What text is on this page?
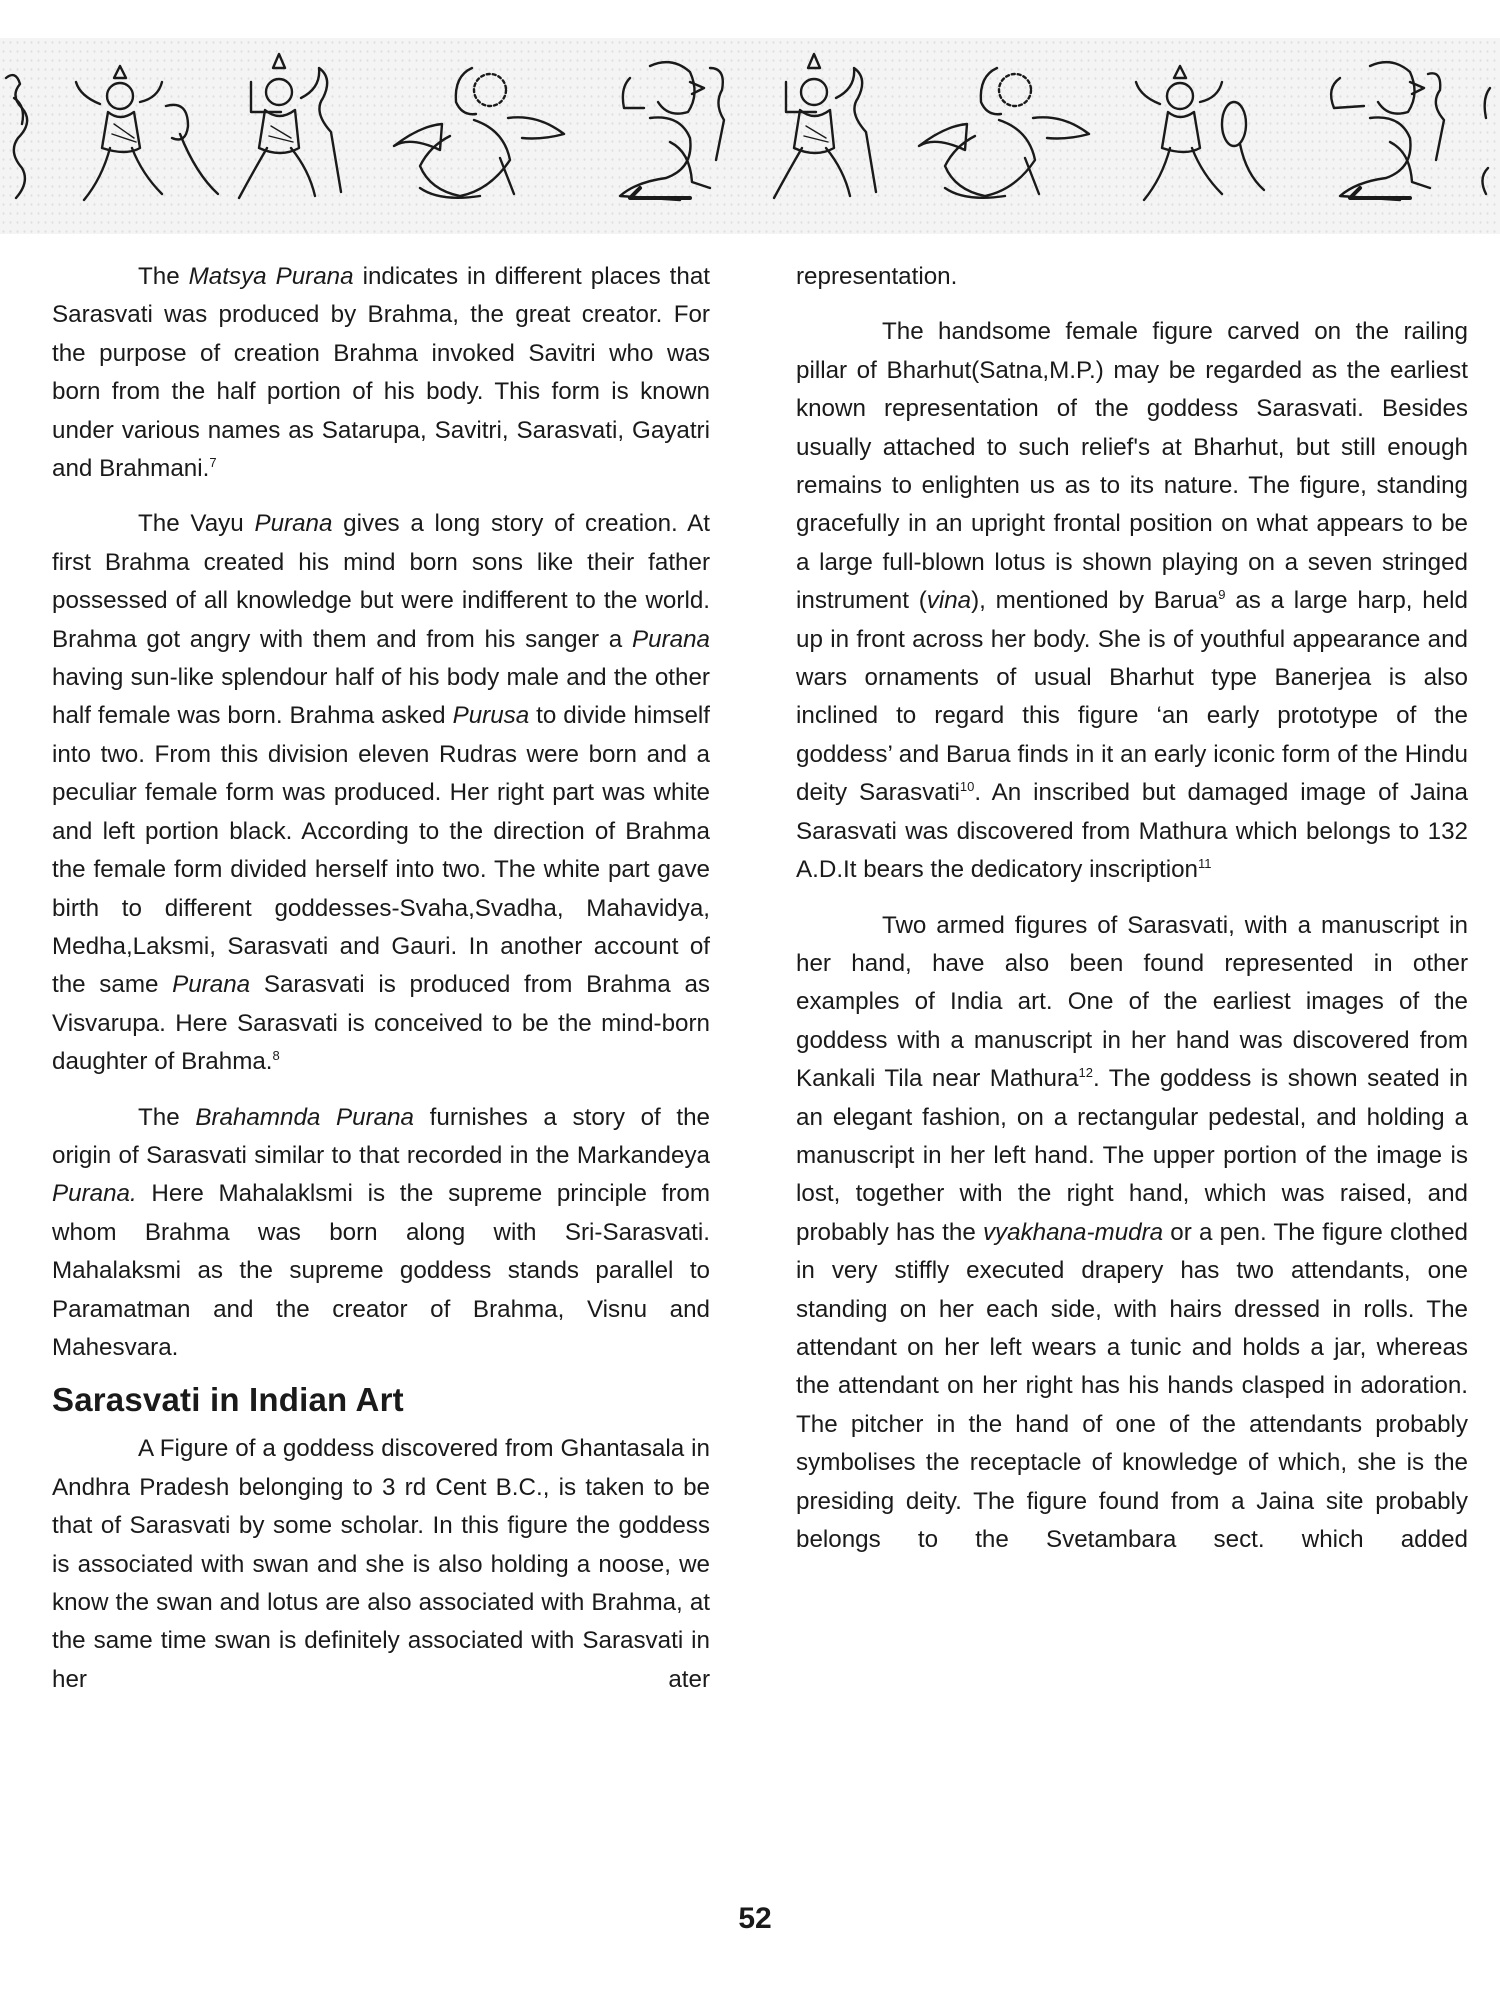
The Matsya Purana indicates in different places that Sarasvati was produced by Brahma, the great creator. For the purpose of creation Brahma invoked Savitri who was born from the half portion of his body. This form is known under various names as Satarupa, Savitri, Sarasvati, Gayatri and Brahmani.$^7$

The Vayu Purana gives a long story of creation. At first Brahma created his mind born sons like their father possessed of all knowledge but were indifferent to the world. Brahma got angry with them and from his sanger a Purana having sun-like splendour half of his body male and the other half female was born. Brahma asked Purusa to divide himself into two. From this division eleven Rudras were born and a peculiar female form was produced. Her right part was white and left portion black. According to the direction of Brahma the female form divided herself into two. The white part gave birth to different goddesses-Svaha,Svadha, Mahavidya, Medha,Laksmi, Sarasvati and Gauri. In another account of the same Purana Sarasvati is produced from Brahma as Visvarupa. Here Sarasvati is conceived to be the mind-born daughter of Brahma.$^8$

The Brahamnda Purana furnishes a story of the origin of Sarasvati similar to that recorded in the Markandeya Purana. Here Mahalaklsmi is the supreme principle from whom Brahma was born along with Sri-Sarasvati. Mahalaksmi as the supreme goddess stands parallel to Paramatman and the creator of Brahma, Visnu and Mahesvara.

Sarasvati in Indian Art

A Figure of a goddess discovered from Ghantasala in Andhra Pradesh belonging to 3 rd Cent B.C., is taken to be that of Sarasvati by some scholar. In this figure the goddess is associated with swan and she is also holding a noose, we know the swan and lotus are also associated with Brahma, at the same time swan is definitely associated with Sarasvati in her ater

representation.

The handsome female figure carved on the railing pillar of Bharhut(Satna,M.P.) may be regarded as the earliest known representation of the goddess Sarasvati. Besides usually attached to such relief's at Bharhut, but still enough remains to enlighten us as to its nature. The figure, standing gracefully in an upright frontal position on what appears to be a large full-blown lotus is shown playing on a seven stringed instrument (vina), mentioned by Barua$^9$ as a large harp, held up in front across her body. She is of youthful appearance and wars ornaments of usual Bharhut type Banerjea is also inclined to regard this figure ‘an early prototype of the goddess’ and Barua finds in it an early iconic form of the Hindu deity Sarasvati$^{10}$. An inscribed but damaged image of Jaina Sarasvati was discovered from Mathura which belongs to 132 A.D.It bears the dedicatory inscription$^{11}$

Two armed figures of Sarasvati, with a manuscript in her hand, have also been found represented in other examples of India art. One of the earliest images of the goddess with a manuscript in her hand was discovered from Kankali Tila near Mathura$^{12}$. The goddess is shown seated in an elegant fashion, on a rectangular pedestal, and holding a manuscript in her left hand. The upper portion of the image is lost, together with the right hand, which was raised, and probably has the vyakhana-mudra or a pen. The figure clothed in very stiffly executed drapery has two attendants, one standing on her each side, with hairs dressed in rolls. The attendant on her left wears a tunic and holds a jar, whereas the attendant on her right has his hands clasped in adoration. The pitcher in the hand of one of the attendants probably symbolises the receptacle of knowledge of which, she is the presiding deity. The figure found from a Jaina site probably belongs to the Svetambara sect. which added

52
